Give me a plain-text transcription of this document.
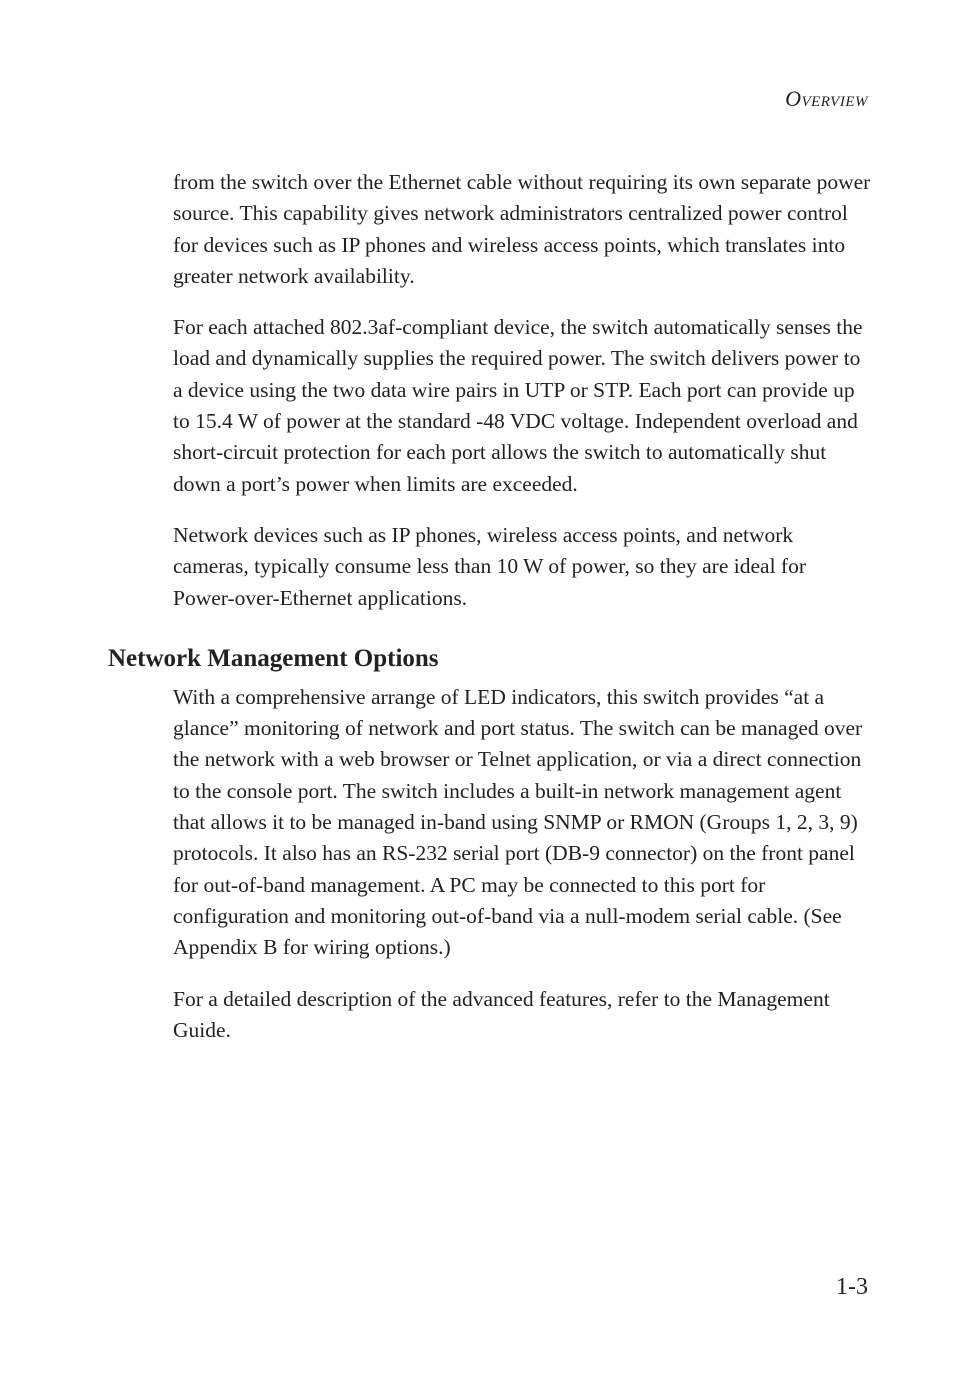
Overview

from the switch over the Ethernet cable without requiring its own separate power source. This capability gives network administrators centralized power control for devices such as IP phones and wireless access points, which translates into greater network availability.

For each attached 802.3af-compliant device, the switch automatically senses the load and dynamically supplies the required power. The switch delivers power to a device using the two data wire pairs in UTP or STP. Each port can provide up to 15.4 W of power at the standard -48 VDC voltage. Independent overload and short-circuit protection for each port allows the switch to automatically shut down a port’s power when limits are exceeded.

Network devices such as IP phones, wireless access points, and network cameras, typically consume less than 10 W of power, so they are ideal for Power-over-Ethernet applications.

Network Management Options

With a comprehensive arrange of LED indicators, this switch provides “at a glance” monitoring of network and port status. The switch can be managed over the network with a web browser or Telnet application, or via a direct connection to the console port. The switch includes a built-in network management agent that allows it to be managed in-band using SNMP or RMON (Groups 1, 2, 3, 9) protocols. It also has an RS-232 serial port (DB-9 connector) on the front panel for out-of-band management. A PC may be connected to this port for configuration and monitoring out-of-band via a null-modem serial cable. (See Appendix B for wiring options.)

For a detailed description of the advanced features, refer to the Management Guide.

1-3
